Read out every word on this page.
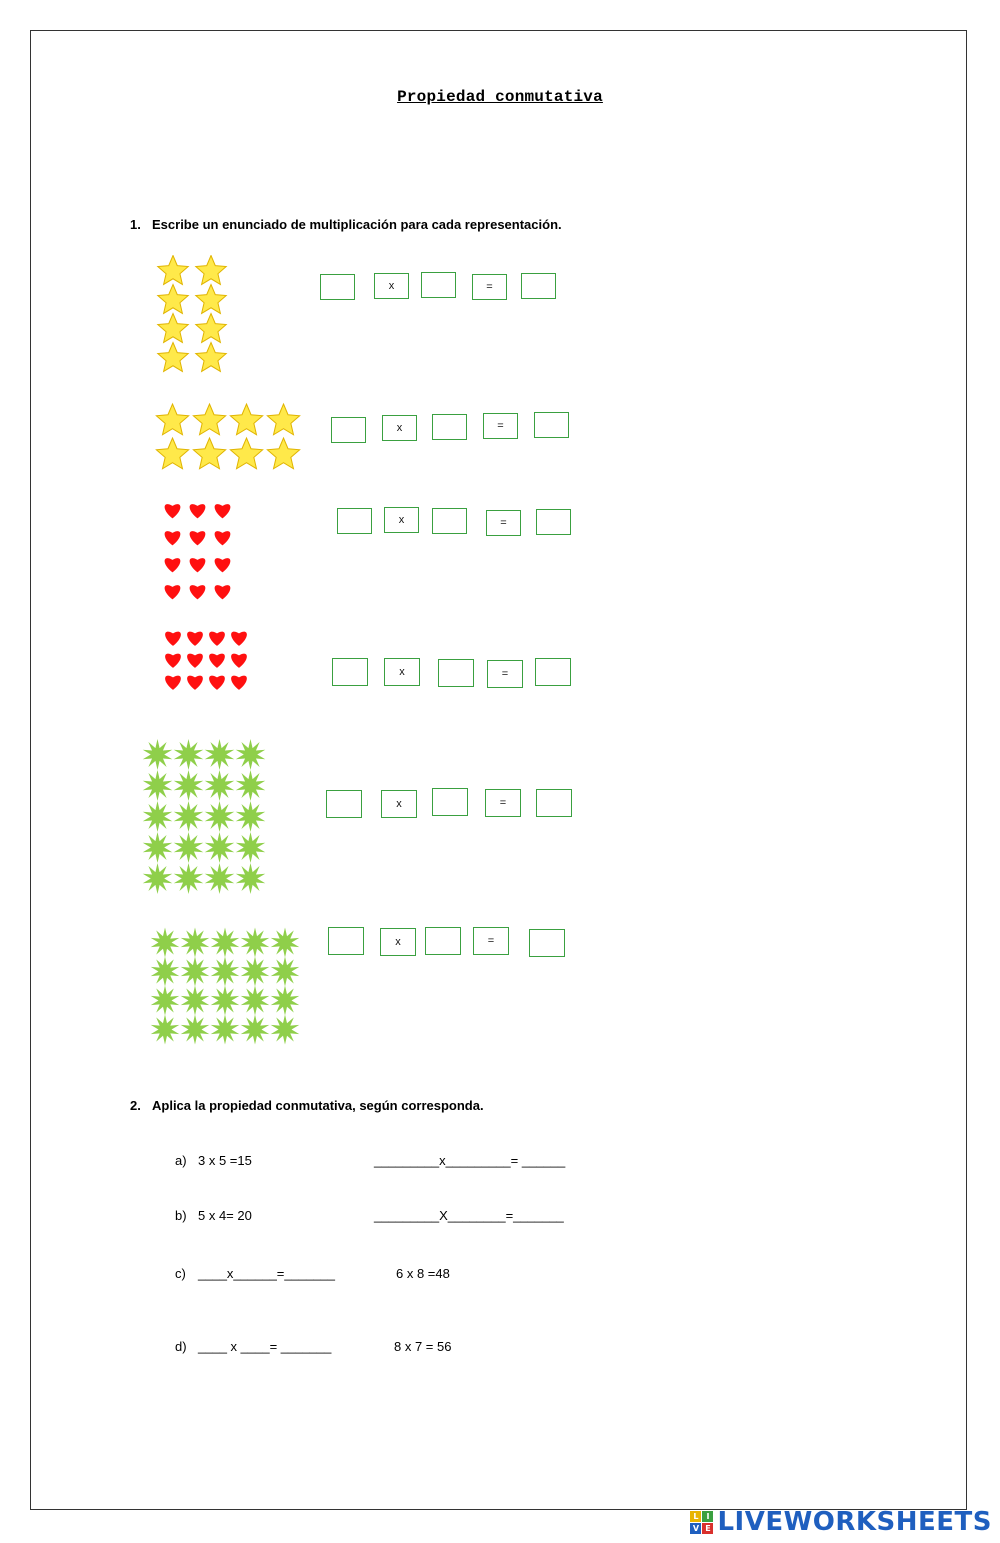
Propiedad conmutativa
1. Escribe un enunciado de multiplicación para cada representación.
x	=
x	=
x	=
x	=
x	=
x	=
2. Aplica la propiedad conmutativa, según corresponda.
a) 3 x 5 =15	_________x_________= ______
b) 5 x 4= 20	_________X________=_______
c) ____x______=_______	6 x 8 =48
d) ____ x ____= _______	8 x 7 = 56
L I
V E LIVEWORKSHEETS
